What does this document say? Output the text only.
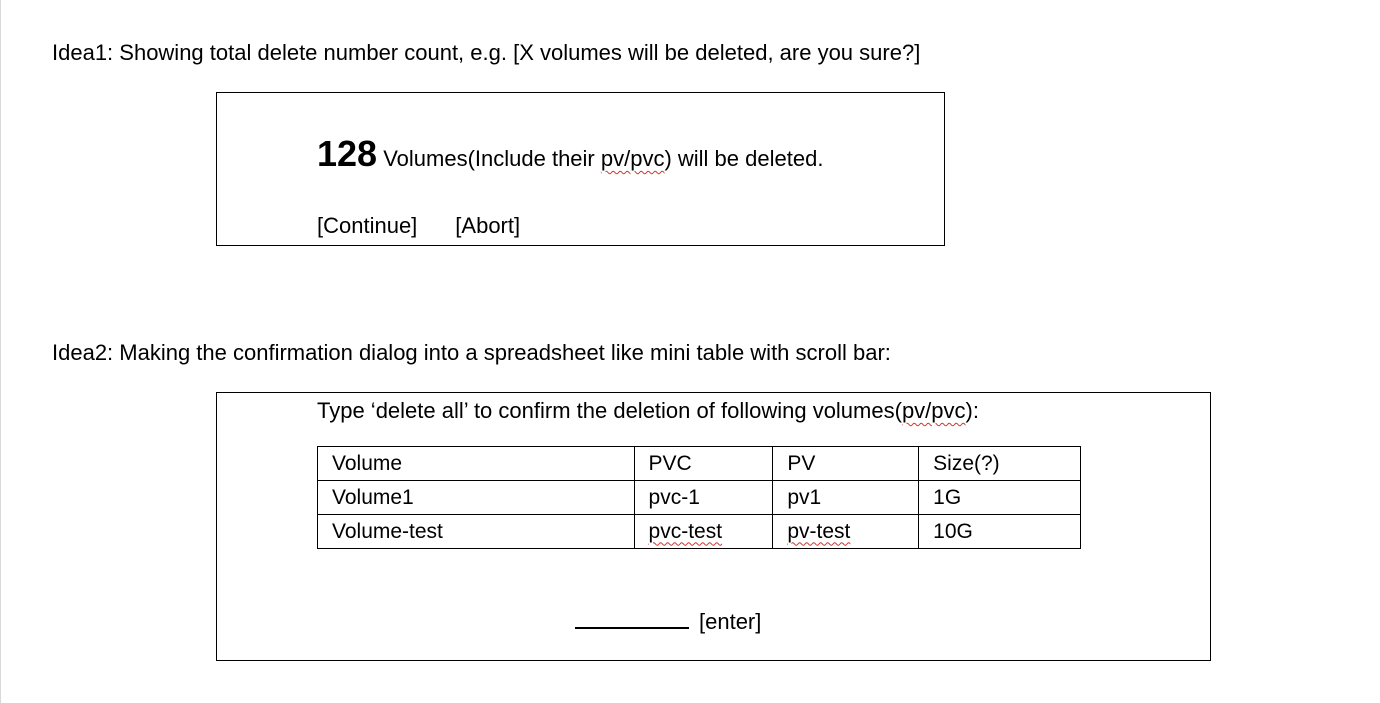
Idea1: Showing total delete number count, e.g. [X volumes will be deleted, are you sure?]
128 Volumes(Include their pv/pvc) will be deleted.
[Continue] [Abort]
Idea2: Making the confirmation dialog into a spreadsheet like mini table with scroll bar:
Type ‘delete all’ to confirm the deletion of following volumes(pv/pvc):
Volume	PVC	PV	Size(?)
Volume1	pvc-1	pv1	1G
Volume-test	pvc-test	pv-test	10G
[enter]
